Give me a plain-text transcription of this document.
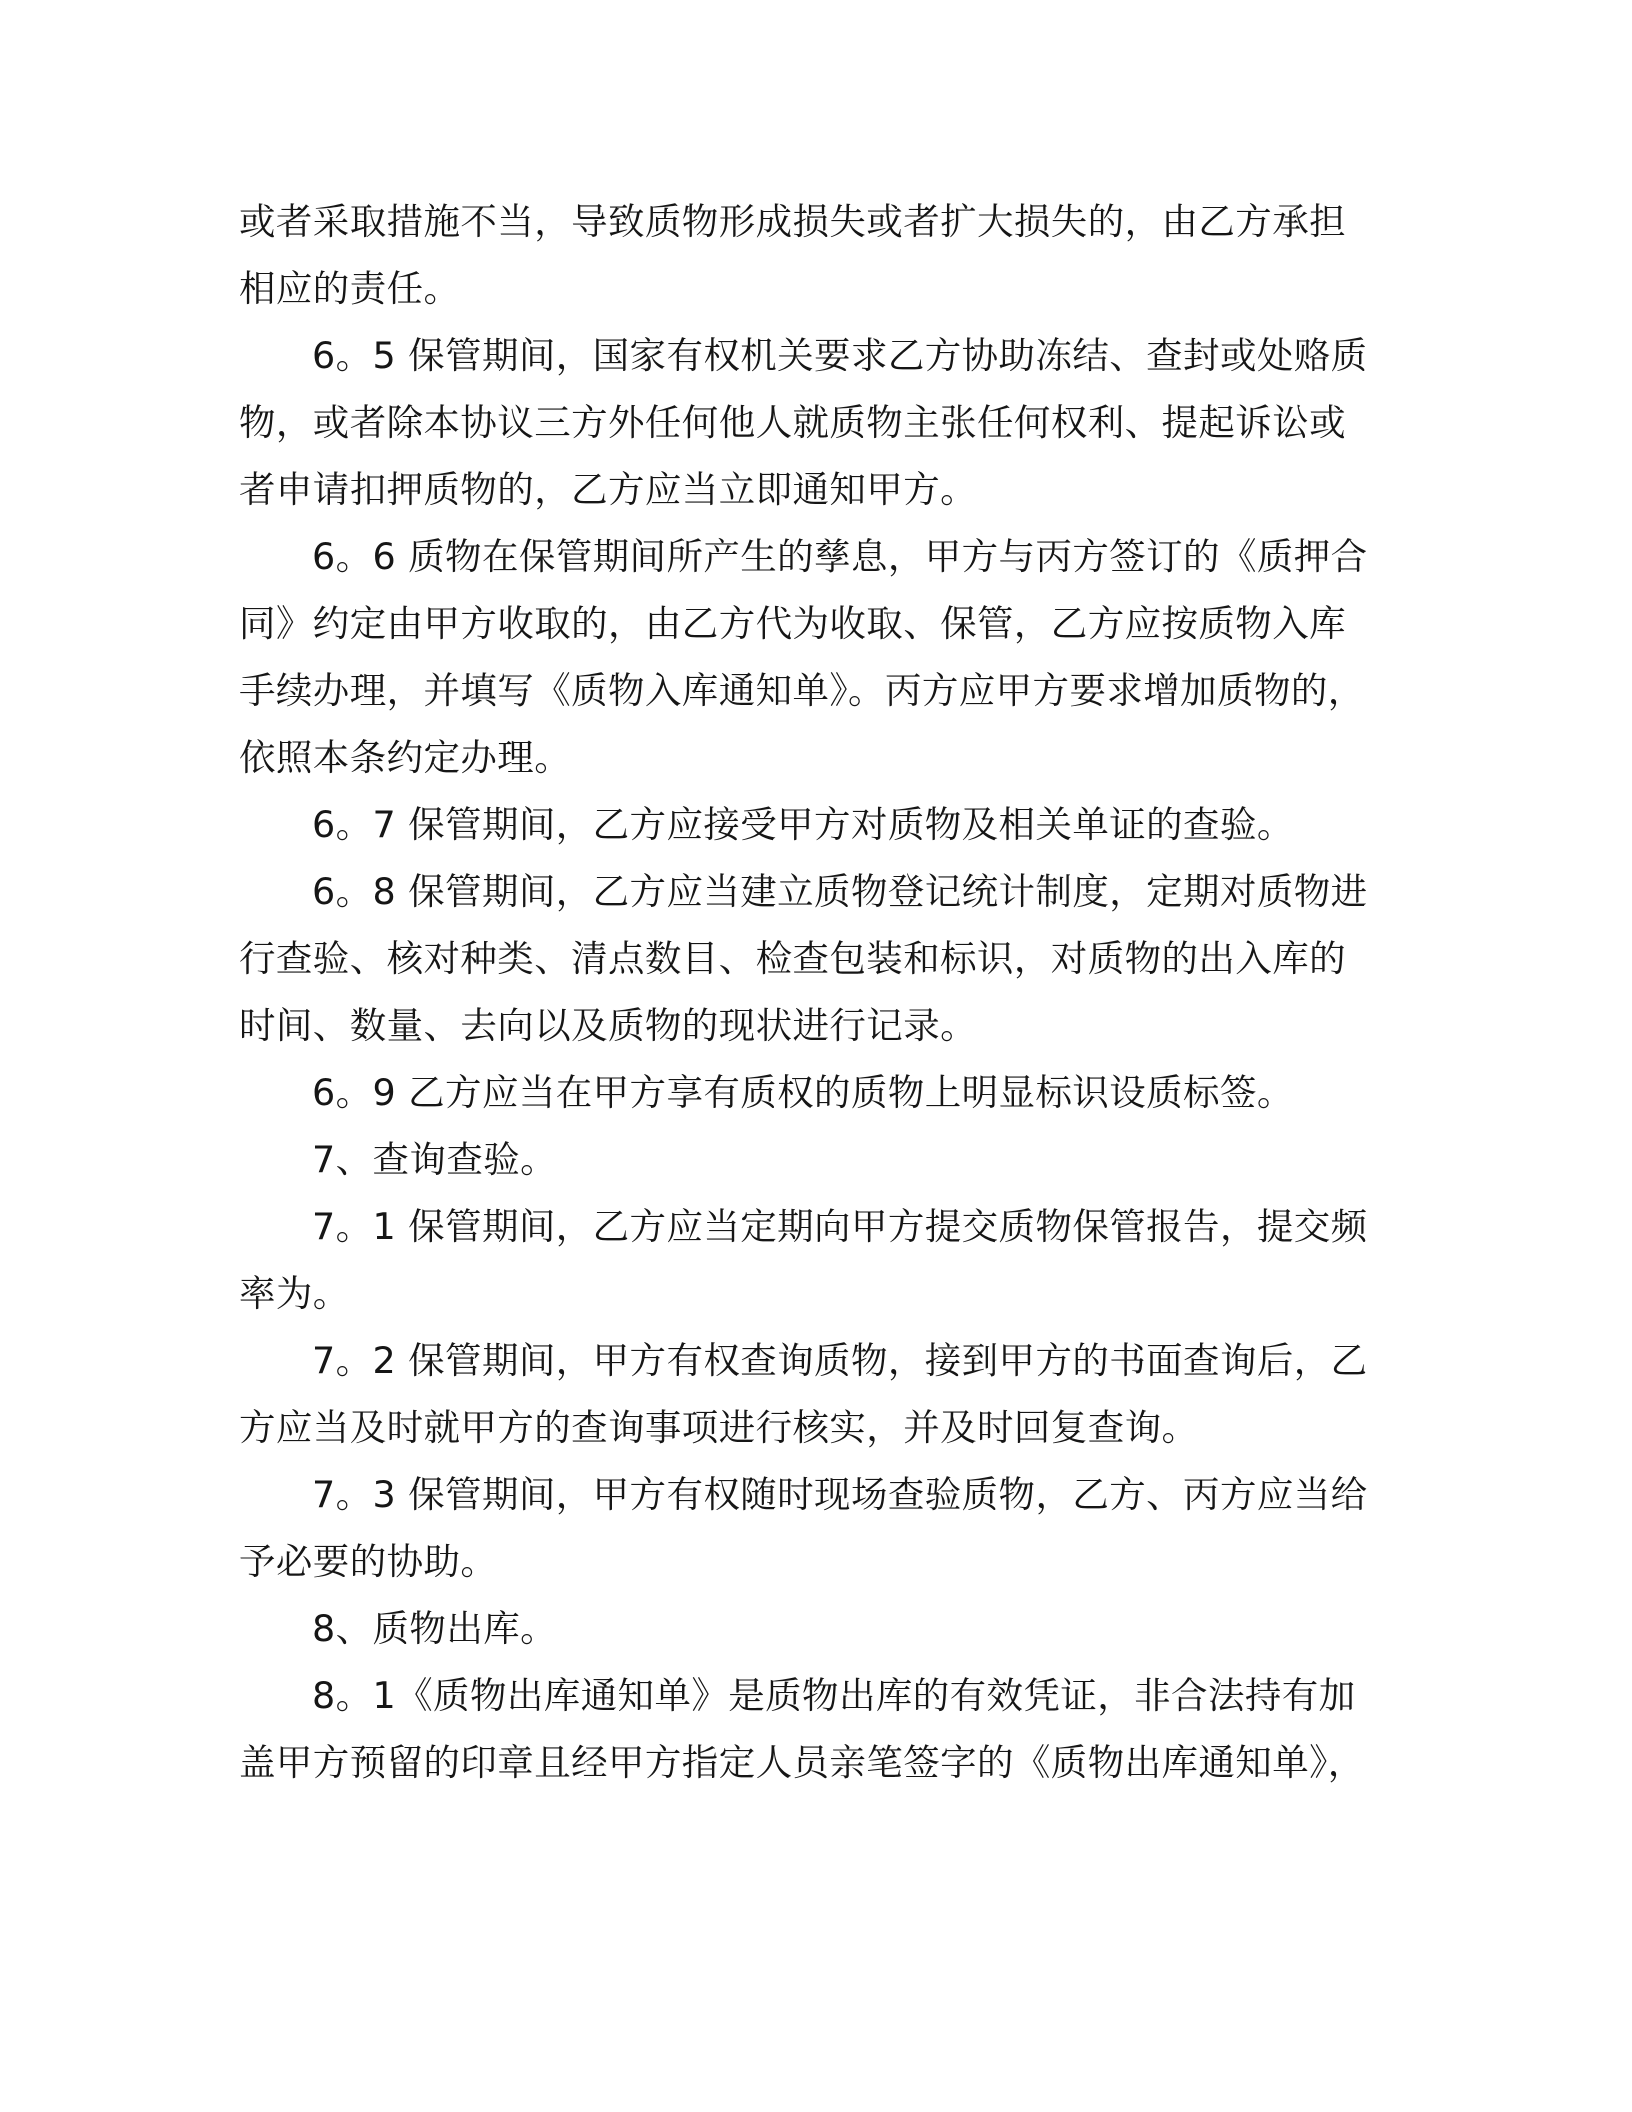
或者采取措施不当，导致质物形成损失或者扩大损失的，由乙方承担相应的责任。

6。5 保管期间，国家有权机关要求乙方协助冻结、查封或处赂质物，或者除本协议三方外任何他人就质物主张任何权利、提起诉讼或者申请扣押质物的，乙方应当立即通知甲方。

6。6 质物在保管期间所产生的孳息，甲方与丙方签订的《质押合同》约定由甲方收取的，由乙方代为收取、保管，乙方应按质物入库手续办理，并填写《质物入库通知单》。丙方应甲方要求增加质物的，依照本条约定办理。

6。7 保管期间，乙方应接受甲方对质物及相关单证的查验。

6。8 保管期间，乙方应当建立质物登记统计制度，定期对质物进行查验、核对种类、清点数目、检查包装和标识，对质物的出入库的时间、数量、去向以及质物的现状进行记录。

6。9 乙方应当在甲方享有质权的质物上明显标识设质标签。

7、查询查验。

7。1 保管期间，乙方应当定期向甲方提交质物保管报告，提交频率为。

7。2 保管期间，甲方有权查询质物，接到甲方的书面查询后，乙方应当及时就甲方的查询事项进行核实，并及时回复查询。

7。3 保管期间，甲方有权随时现场查验质物，乙方、丙方应当给予必要的协助。

8、质物出库。

8。1《质物出库通知单》是质物出库的有效凭证，非合法持有加盖甲方预留的印章且经甲方指定人员亲笔签字的《质物出库通知单》，
